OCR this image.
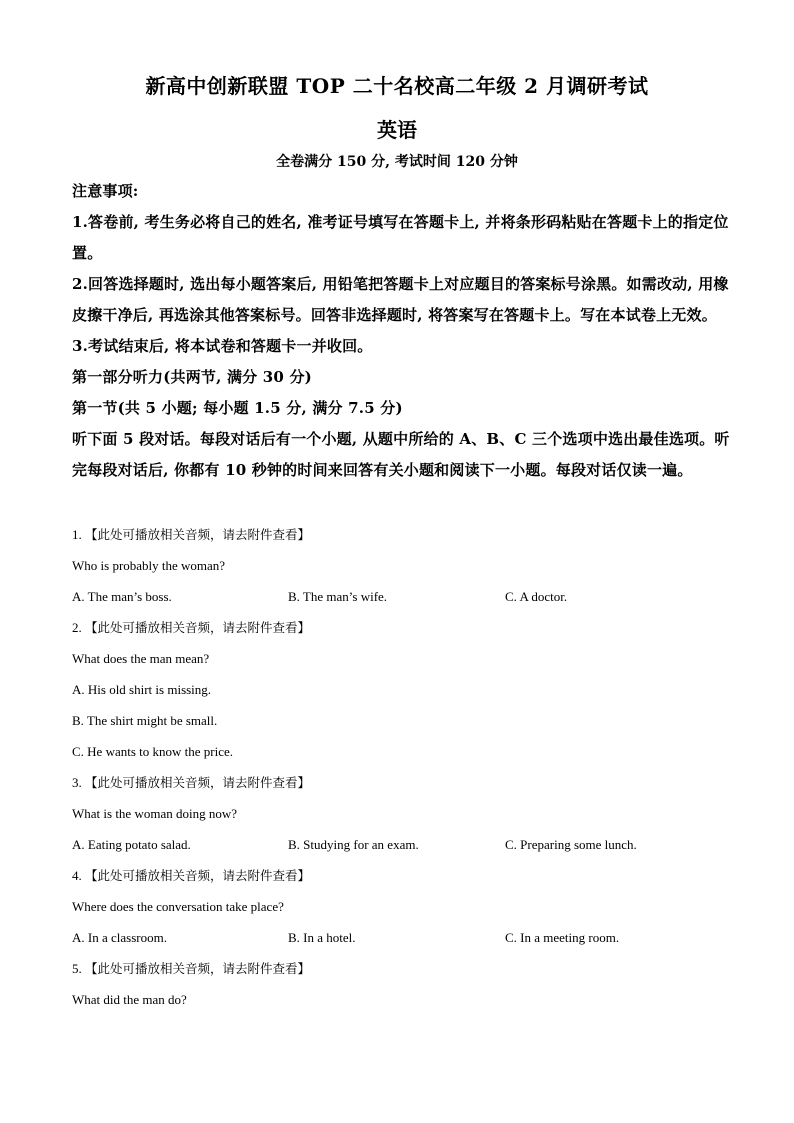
新高中创新联盟 TOP 二十名校高二年级 2 月调研考试
英语
全卷满分 150 分, 考试时间 120 分钟

注意事项:

1.答卷前, 考生务必将自己的姓名, 准考证号填写在答题卡上, 并将条形码粘贴在答题卡上的指定位置。

2.回答选择题时, 选出每小题答案后, 用铅笔把答题卡上对应题目的答案标号涂黑。如需改动, 用橡皮擦干净后, 再选涂其他答案标号。回答非选择题时, 将答案写在答题卡上。写在本试卷上无效。

3.考试结束后, 将本试卷和答题卡一并收回。

第一部分听力(共两节, 满分 30 分)

第一节(共 5 小题; 每小题 1.5 分, 满分 7.5 分)

听下面 5 段对话。每段对话后有一个小题, 从题中所给的 A、B、C 三个选项中选出最佳选项。听完每段对话后, 你都有 10 秒钟的时间来回答有关小题和阅读下一小题。每段对话仅读一遍。

1. 【此处可播放相关音频，请去附件查看】

Who is probably the woman?

A. The man’s boss.	B. The man’s wife.	C. A doctor.

2. 【此处可播放相关音频，请去附件查看】

What does the man mean?

A. His old shirt is missing.

B. The shirt might be small.

C. He wants to know the price.

3. 【此处可播放相关音频，请去附件查看】

What is the woman doing now?

A. Eating potato salad.	B. Studying for an exam.	C. Preparing some lunch.

4. 【此处可播放相关音频，请去附件查看】

Where does the conversation take place?

A. In a classroom.	B. In a hotel.	C. In a meeting room.

5. 【此处可播放相关音频，请去附件查看】

What did the man do?
